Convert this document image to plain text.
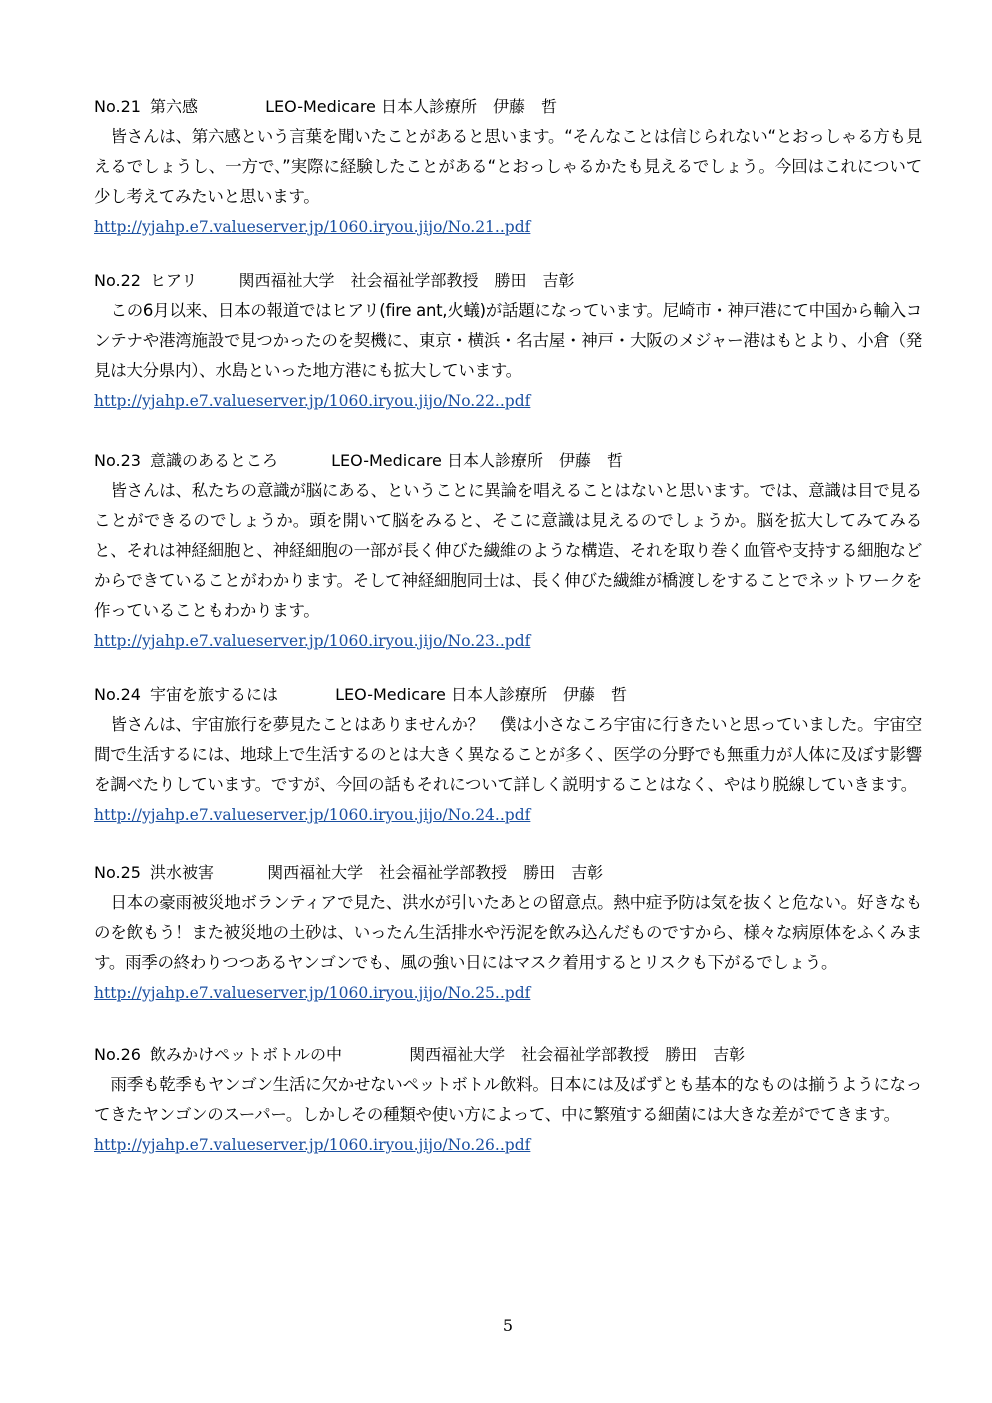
No.21 第六感	LEO-Medicare 日本人診療所　伊藤　哲
皆さんは、第六感という言葉を聞いたことがあると思います。“そんなことは信じられない“とおっしゃる方も見えるでしょうし、一方で、”実際に経験したことがある“とおっしゃるかたも見えるでしょう。今回はこれについて少し考えてみたいと思います。
http://yjahp.e7.valueserver.jp/1060.iryou.jijo/No.21..pdf
No.22 ヒアリ	関西福祉大学　社会福祉学部教授　勝田　吉彰
この6月以来、日本の報道ではヒアリ(fire ant,火蟻)が話題になっています。尼崎市・神戸港にて中国から輸入コンテナや港湾施設で見つかったのを契機に、東京・横浜・名古屋・神戸・大阪のメジャー港はもとより、小倉（発見は大分県内）、水島といった地方港にも拡大しています。
http://yjahp.e7.valueserver.jp/1060.iryou.jijo/No.22..pdf
No.23 意識のあるところ	LEO-Medicare 日本人診療所　伊藤　哲
皆さんは、私たちの意識が脳にある、ということに異論を唱えることはないと思います。では、意識は目で見ることができるのでしょうか。頭を開いて脳をみると、そこに意識は見えるのでしょうか。脳を拡大してみてみると、それは神経細胞と、神経細胞の一部が長く伸びた繊維のような構造、それを取り巻く血管や支持する細胞などからできていることがわかります。そして神経細胞同士は、長く伸びた繊維が橋渡しをすることでネットワークを作っていることもわかります。
http://yjahp.e7.valueserver.jp/1060.iryou.jijo/No.23..pdf
No.24 宇宙を旅するには	LEO-Medicare 日本人診療所　伊藤　哲
皆さんは、宇宙旅行を夢見たことはありませんか？　僕は小さなころ宇宙に行きたいと思っていました。宇宙空間で生活するには、地球上で生活するのとは大きく異なることが多く、医学の分野でも無重力が人体に及ぼす影響を調べたりしています。ですが、今回の話もそれについて詳しく説明することはなく、やはり脱線していきます。
http://yjahp.e7.valueserver.jp/1060.iryou.jijo/No.24..pdf
No.25 洪水被害	関西福祉大学　社会福祉学部教授　勝田　吉彰
日本の豪雨被災地ボランティアで見た、洪水が引いたあとの留意点。熱中症予防は気を抜くと危ない。好きなものを飲もう！また被災地の土砂は、いったん生活排水や汚泥を飲み込んだものですから、様々な病原体をふくみます。雨季の終わりつつあるヤンゴンでも、風の強い日にはマスク着用するとリスクも下がるでしょう。
http://yjahp.e7.valueserver.jp/1060.iryou.jijo/No.25..pdf
No.26 飲みかけペットボトルの中	関西福祉大学　社会福祉学部教授　勝田　吉彰
雨季も乾季もヤンゴン生活に欠かせないペットボトル飲料。日本には及ばずとも基本的なものは揃うようになってきたヤンゴンのスーパー。しかしその種類や使い方によって、中に繁殖する細菌には大きな差がでてきます。
http://yjahp.e7.valueserver.jp/1060.iryou.jijo/No.26..pdf
5
